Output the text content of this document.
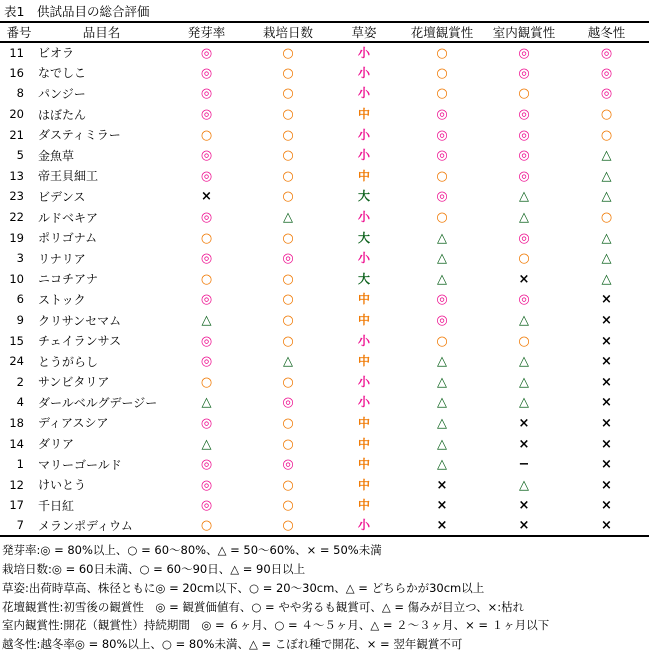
表1　供試品目の総合評価
番号	品目名	発芽率	栽培日数	草姿	花壇観賞性	室内観賞性	越冬性
11	ビオラ	◎	○	小	○	◎	◎
16	なでしこ	◎	○	小	○	◎	◎
8	パンジー	◎	○	小	○	○	◎
20	はぼたん	◎	○	中	◎	◎	○
21	ダスティミラー	○	○	小	◎	◎	○
5	金魚草	◎	○	小	◎	◎	△
13	帝王貝細工	◎	○	中	○	◎	△
23	ビデンス	×	○	大	◎	△	△
22	ルドベキア	◎	△	小	○	△	○
19	ポリゴナム	○	○	大	△	◎	△
3	リナリア	◎	◎	小	△	○	△
10	ニコチアナ	○	○	大	△	×	△
6	ストック	◎	○	中	◎	◎	×
9	クリサンセマム	△	○	中	◎	△	×
15	チェイランサス	◎	○	小	○	○	×
24	とうがらし	◎	△	中	△	△	×
2	サンビタリア	○	○	小	△	△	×
4	ダールベルグデージー	△	◎	小	△	△	×
18	ディアスシア	◎	○	中	△	×	×
14	ダリア	△	○	中	△	×	×
1	マリーゴールド	◎	◎	中	△	−	×
12	けいとう	◎	○	中	×	△	×
17	千日紅	◎	○	中	×	×	×
7	メランポディウム	○	○	小	×	×	×
発芽率:◎ = 80%以上、○ = 60～80%、△ = 50～60%、× = 50%未満
栽培日数:◎ = 60日未満、○ = 60～90日、△ = 90日以上
草姿:出荷時草高、株径ともに◎ = 20cm以下、○ = 20～30cm、△ = どちらかが30cm以上
花壇観賞性:初雪後の観賞性　◎ = 観賞価値有、○ = やや劣るも観賞可、△ = 傷みが目立つ、×:枯れ
室内観賞性:開花（観賞性）持続期間　◎ = ６ヶ月、○ = ４～５ヶ月、△ = ２～３ヶ月、× = １ヶ月以下
越冬性:越冬率◎ = 80%以上、○ = 80%未満、△ = こぼれ種で開花、× = 翌年観賞不可
